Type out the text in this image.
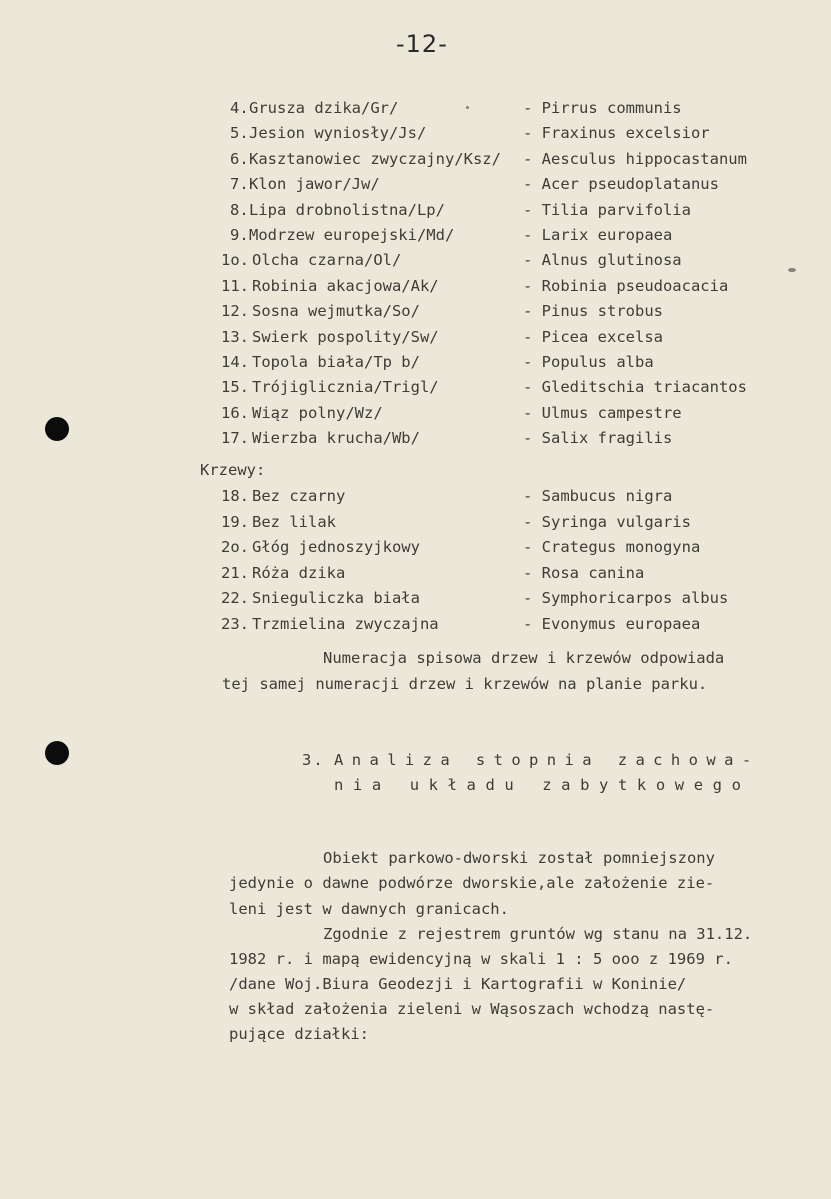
-12-
4. Grusza dzika/Gr/	- Pirrus communis
5. Jesion wyniosły/Js/	- Fraxinus excelsior
6. Kasztanowiec zwyczajny/Ksz/ - Aesculus hippocastanum
7. Klon jawor/Jw/	- Acer pseudoplatanus
8. Lipa drobnolistna/Lp/	- Tilia parvifolia
9. Modrzew europejski/Md/	- Larix europaea
1o. Olcha czarna/Ol/	- Alnus glutinosa
11. Robinia akacjowa/Ak/	- Robinia pseudoacacia
12. Sosna wejmutka/So/	- Pinus strobus
13. Swierk pospolity/Sw/	- Picea excelsa
14. Topola biała/Tp b/	- Populus alba
15. Trójiglicznia/Trigl/	- Gleditschia triacantos
16. Wiąz polny/Wz/	- Ulmus campestre
17. Wierzba krucha/Wb/	- Salix fragilis
Krzewy:
18. Bez czarny	- Sambucus nigra
19. Bez lilak	- Syringa vulgaris
2o. Głóg jednoszyjkowy	- Crategus monogyna
21. Róża dzika	- Rosa canina
22. Snieguliczka biała	- Symphoricarpos albus
23. Trzmielina zwyczajna	- Evonymus europaea
Numeracja spisowa drzew i krzewów odpowiada
tej samej numeracji drzew i krzewów na planie parku.
3. Analiza stopnia zachowa-
nia układu zabytkowego
Obiekt parkowo-dworski został pomniejszony
jedynie o dawne podwórze dworskie,ale założenie zie-
leni jest w dawnych granicach.
Zgodnie z rejestrem gruntów wg stanu na 31.12.
1982 r. i mapą ewidencyjną w skali 1 : 5 ooo z 1969 r.
/dane Woj.Biura Geodezji i Kartografii w Koninie/
w skład założenia zieleni w Wąsoszach wchodzą nastę-
pujące działki:
